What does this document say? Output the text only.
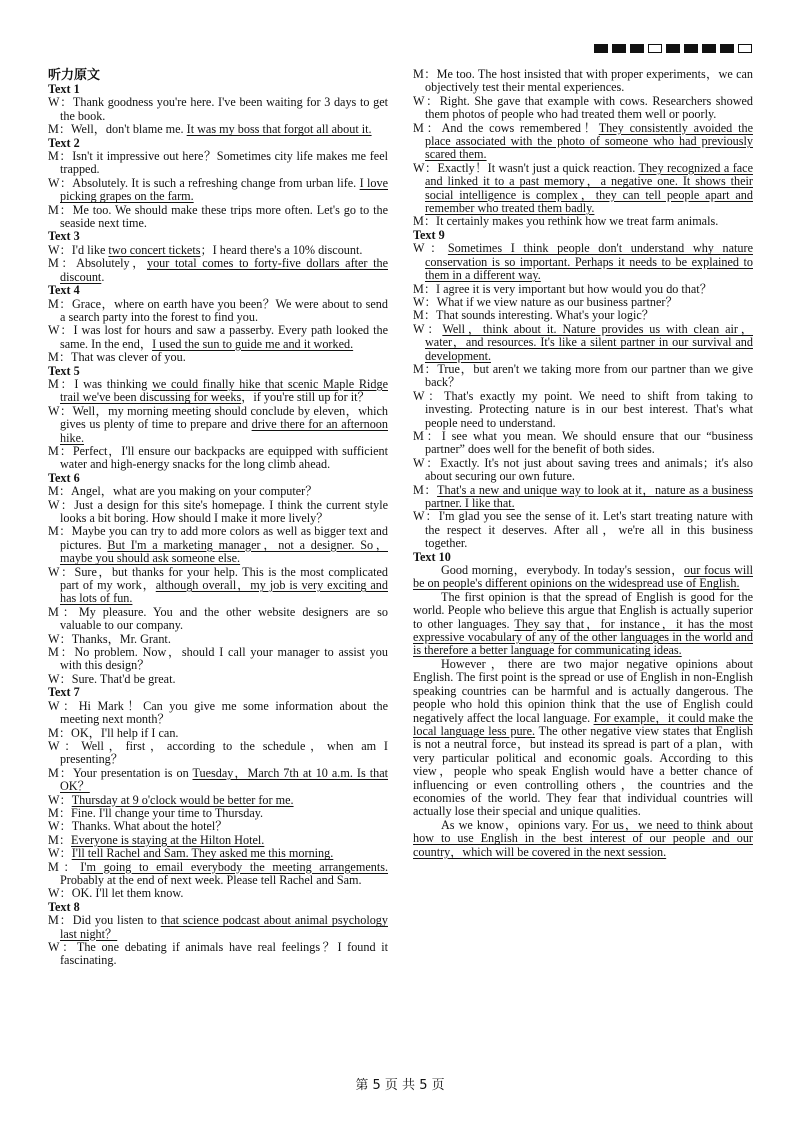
听力原文
Text 1
W：Thank goodness you're here. I've been waiting for 3 days to get the book.
M：Well，don't blame me. It was my boss that forgot all about it.
Text 2
M：Isn't it impressive out here？Sometimes city life makes me feel trapped.
W：Absolutely. It is such a refreshing change from urban life. I love picking grapes on the farm.
M：Me too. We should make these trips more often. Let's go to the seaside next time.
Text 3
W：I'd like two concert tickets；I heard there's a 10% discount.
M：Absolutely，your total comes to forty-five dollars after the discount.
Text 4
M：Grace，where on earth have you been？We were about to send a search party into the forest to find you.
W：I was lost for hours and saw a passerby. Every path looked the same. In the end，I used the sun to guide me and it worked.
M：That was clever of you.
Text 5
M：I was thinking we could finally hike that scenic Maple Ridge trail we've been discussing for weeks，if you're still up for it？
W：Well，my morning meeting should conclude by eleven，which gives us plenty of time to prepare and drive there for an afternoon hike.
M：Perfect，I'll ensure our backpacks are equipped with sufficient water and high-energy snacks for the long climb ahead.
Text 6
M：Angel，what are you making on your computer？
W：Just a design for this site's homepage. I think the current style looks a bit boring. How should I make it more lively？
M：Maybe you can try to add more colors as well as bigger text and pictures. But I'm a marketing manager，not a designer. So，maybe you should ask someone else.
W：Sure，but thanks for your help. This is the most complicated part of my work，although overall，my job is very exciting and has lots of fun.
M：My pleasure. You and the other website designers are so valuable to our company.
W：Thanks，Mr. Grant.
M：No problem. Now，should I call your manager to assist you with this design？
W：Sure. That'd be great.
Text 7
W：Hi Mark！Can you give me some information about the meeting next month？
M：OK，I'll help if I can.
W：Well，first，according to the schedule，when am I presenting？
M：Your presentation is on Tuesday，March 7th at 10 a.m. Is that OK？
W：Thursday at 9 o'clock would be better for me.
M：Fine. I'll change your time to Thursday.
W：Thanks. What about the hotel？
M：Everyone is staying at the Hilton Hotel.
W：I'll tell Rachel and Sam. They asked me this morning.
M：I'm going to email everybody the meeting arrangements. Probably at the end of next week. Please tell Rachel and Sam.
W：OK. I'll let them know.
Text 8
M：Did you listen to that science podcast about animal psychology last night？
W：The one debating if animals have real feelings？I found it fascinating.
M：Me too. The host insisted that with proper experiments，we can objectively test their mental experiences.
W：Right. She gave that example with cows. Researchers showed them photos of people who had treated them well or poorly.
M：And the cows remembered！They consistently avoided the place associated with the photo of someone who had previously scared them.
W：Exactly！It wasn't just a quick reaction. They recognized a face and linked it to a past memory，a negative one. It shows their social intelligence is complex，they can tell people apart and remember who treated them badly.
M：It certainly makes you rethink how we treat farm animals.
Text 9
W：Sometimes I think people don't understand why nature conservation is so important. Perhaps it needs to be explained to them in a different way.
M：I agree it is very important but how would you do that？
W：What if we view nature as our business partner？
M：That sounds interesting. What's your logic？
W：Well，think about it. Nature provides us with clean air，water，and resources. It's like a silent partner in our survival and development.
M：True，but aren't we taking more from our partner than we give back？
W：That's exactly my point. We need to shift from taking to investing. Protecting nature is in our best interest. That's what people need to understand.
M：I see what you mean. We should ensure that our “business partner” does well for the benefit of both sides.
W：Exactly. It's not just about saving trees and animals；it's also about securing our own future.
M：That's a new and unique way to look at it，nature as a business partner. I like that.
W：I'm glad you see the sense of it. Let's start treating nature with the respect it deserves. After all，we're all in this business together.
Text 10
Good morning，everybody. In today's session，our focus will be on people's different opinions on the widespread use of English.
The first opinion is that the spread of English is good for the world. People who believe this argue that English is actually superior to other languages. They say that，for instance，it has the most expressive vocabulary of any of the other languages in the world and is therefore a better language for communicating ideas.
However，there are two major negative opinions about English. The first point is the spread or use of English in non-English speaking countries can be harmful and is actually dangerous. The people who hold this opinion think that the use of English could negatively affect the local language. For example，it could make the local language less pure. The other negative view states that English is not a neutral force，but instead its spread is part of a plan，with very particular political and economic goals. According to this view，people who speak English would have a better chance of influencing or even controlling others，the countries and the economies of the world. They fear that individual countries will actually lose their special and unique qualities.
As we know，opinions vary. For us，we need to think about how to use English in the best interest of our people and our country，which will be covered in the next session.
第 5 页 共 5 页
